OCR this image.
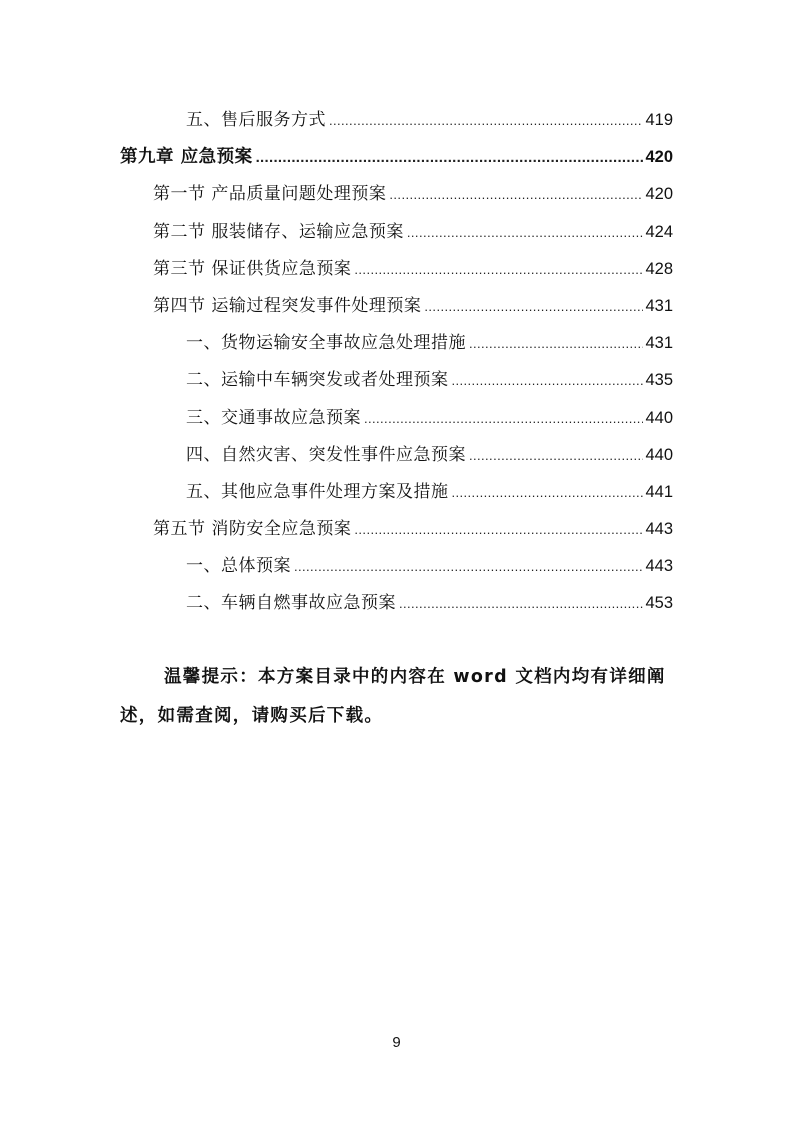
五、售后服务方式 .....	419
第九章 应急预案 .....	420
第一节 产品质量问题处理预案 .....	420
第二节 服装储存、运输应急预案 .....	424
第三节 保证供货应急预案 .....	428
第四节 运输过程突发事件处理预案 .....	431
一、货物运输安全事故应急处理措施 .....	431
二、运输中车辆突发或者处理预案 .....	435
三、交通事故应急预案 .....	440
四、自然灾害、突发性事件应急预案 .....	440
五、其他应急事件处理方案及措施 .....	441
第五节 消防安全应急预案 .....	443
一、总体预案 .....	443
二、车辆自燃事故应急预案 .....	453

温馨提示：本方案目录中的内容在 word 文档内均有详细阐述，如需查阅，请购买后下载。

9
